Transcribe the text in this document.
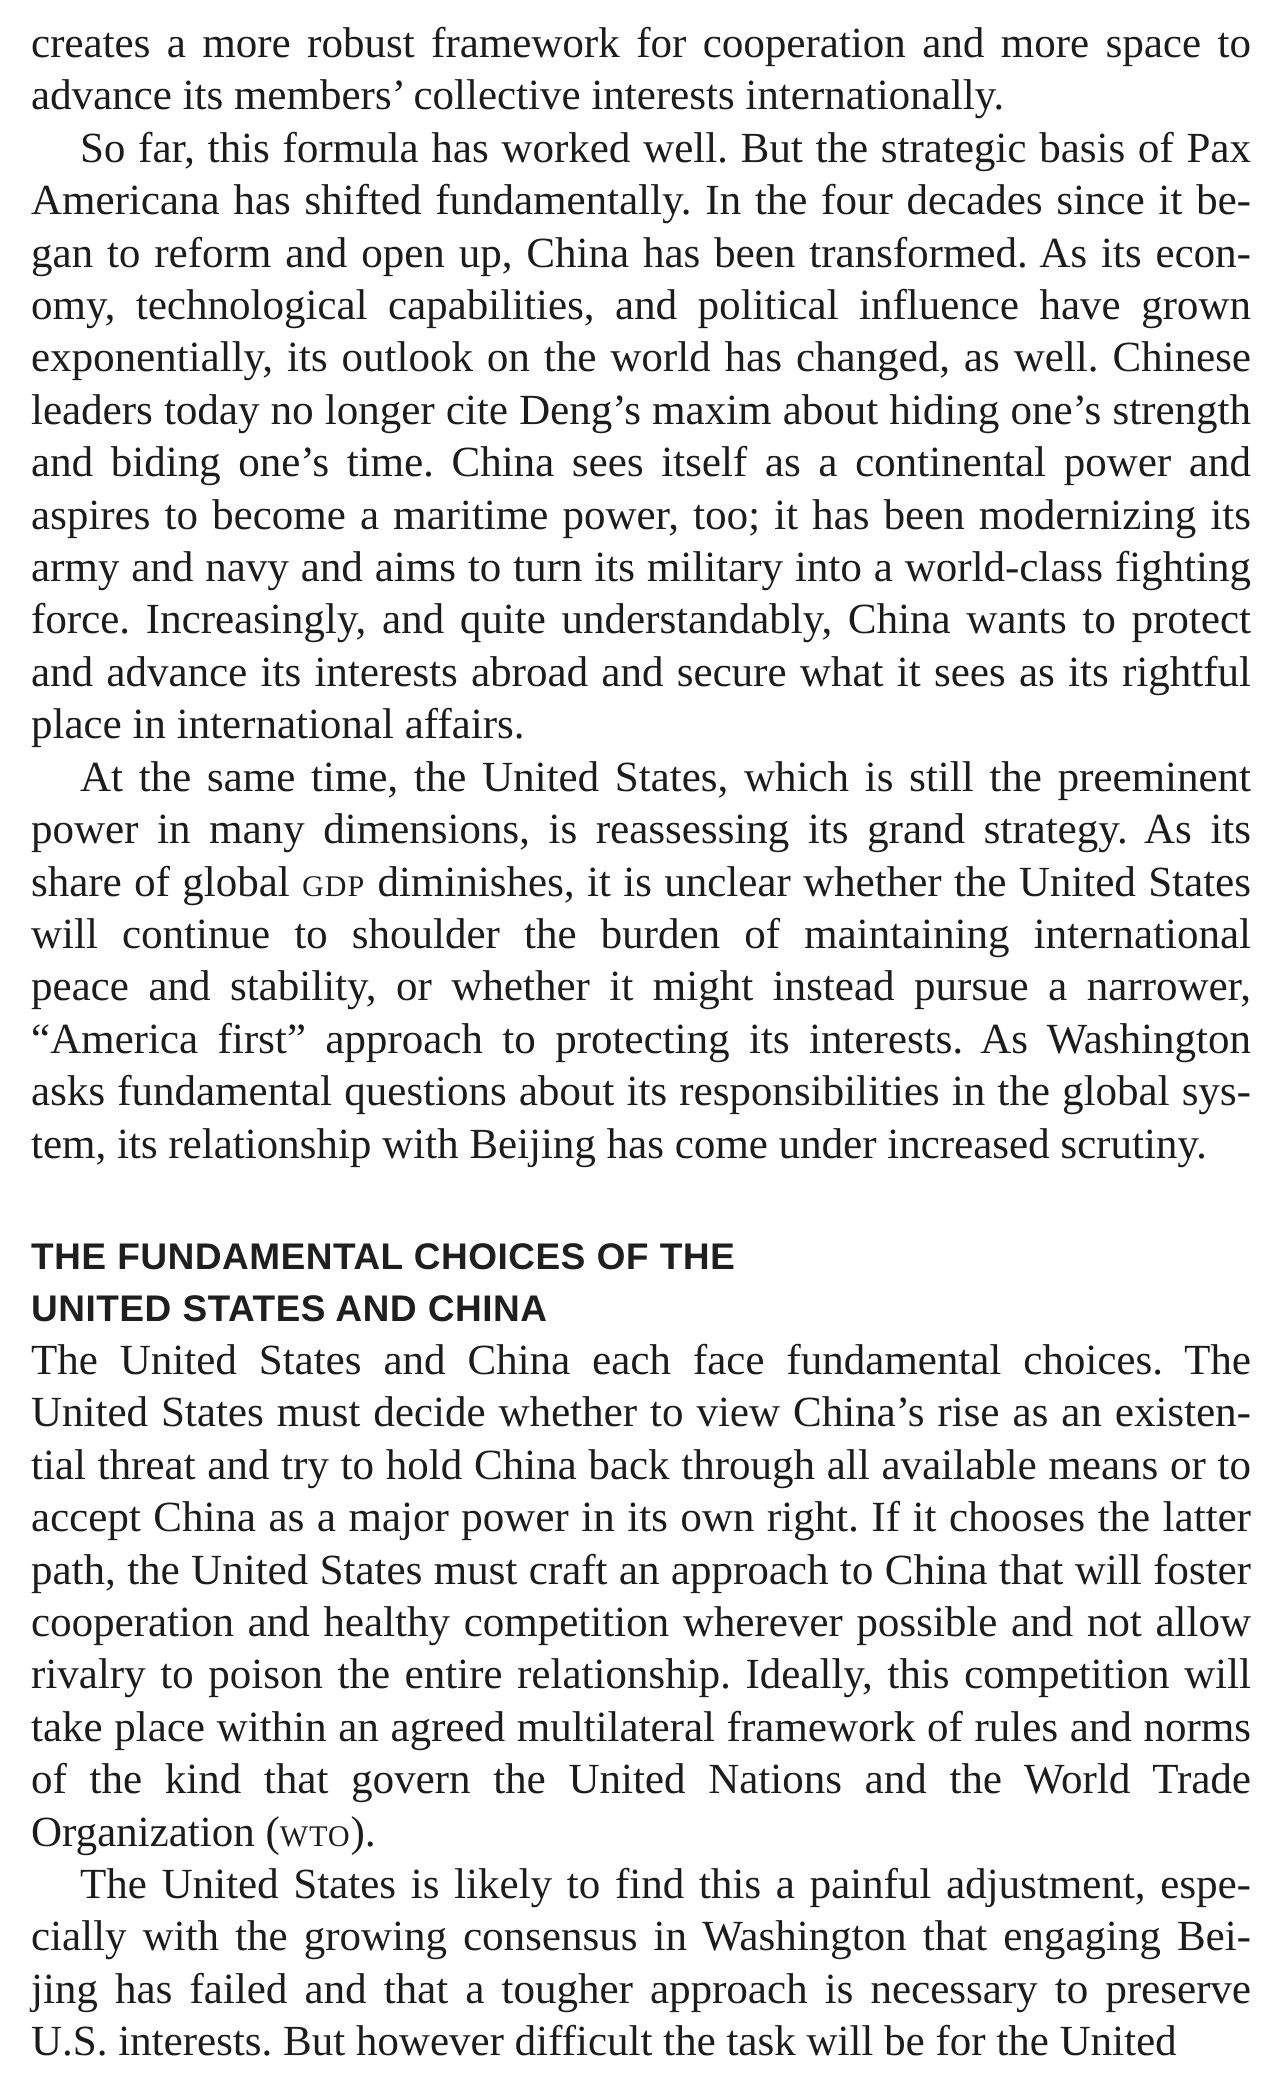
creates a more robust framework for cooperation and more space to advance its members’ collective interests internationally.

So far, this formula has worked well. But the strategic basis of Pax Americana has shifted fundamentally. In the four decades since it began to reform and open up, China has been transformed. As its economy, technological capabilities, and political influence have grown exponentially, its outlook on the world has changed, as well. Chinese leaders today no longer cite Deng’s maxim about hiding one’s strength and biding one’s time. China sees itself as a continental power and aspires to become a maritime power, too; it has been modernizing its army and navy and aims to turn its military into a world-class fighting force. Increasingly, and quite understandably, China wants to protect and advance its interests abroad and secure what it sees as its rightful place in international affairs.

At the same time, the United States, which is still the preeminent power in many dimensions, is reassessing its grand strategy. As its share of global gdp diminishes, it is unclear whether the United States will continue to shoulder the burden of maintaining international peace and stability, or whether it might instead pursue a narrower, “America first” approach to protecting its interests. As Washington asks fundamental questions about its responsibilities in the global system, its relationship with Beijing has come under increased scrutiny.

THE FUNDAMENTAL CHOICES OF THE
UNITED STATES AND CHINA

The United States and China each face fundamental choices. The United States must decide whether to view China’s rise as an existential threat and try to hold China back through all available means or to accept China as a major power in its own right. If it chooses the latter path, the United States must craft an approach to China that will foster cooperation and healthy competition wherever possible and not allow rivalry to poison the entire relationship. Ideally, this competition will take place within an agreed multilateral framework of rules and norms of the kind that govern the United Nations and the World Trade Organization (wto).

The United States is likely to find this a painful adjustment, especially with the growing consensus in Washington that engaging Beijing has failed and that a tougher approach is necessary to preserve U.S. interests. But however difficult the task will be for the United
